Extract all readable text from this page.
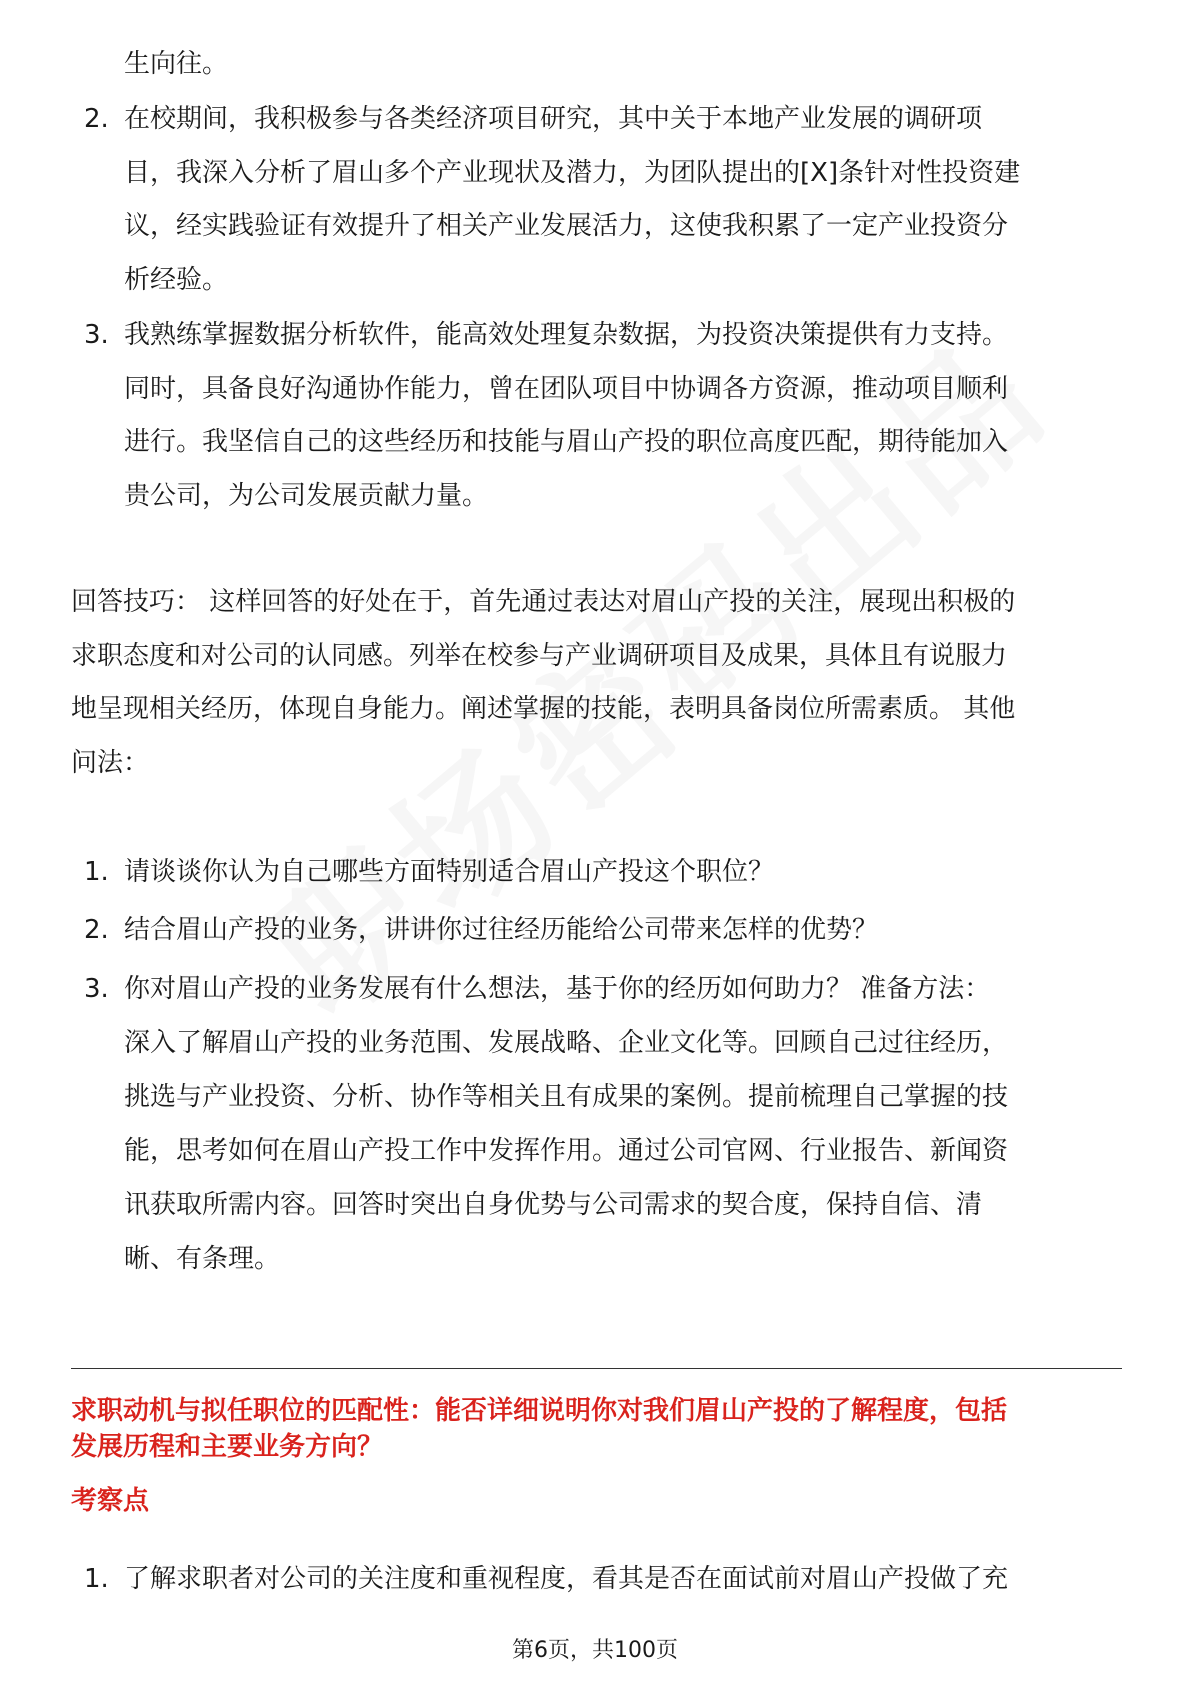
生向往。
2. 在校期间，我积极参与各类经济项目研究，其中关于本地产业发展的调研项
目，我深入分析了眉山多个产业现状及潜力，为团队提出的[X]条针对性投资建
议，经实践验证有效提升了相关产业发展活力，这使我积累了一定产业投资分
析经验。
3. 我熟练掌握数据分析软件，能高效处理复杂数据，为投资决策提供有力支持。
同时，具备良好沟通协作能力，曾在团队项目中协调各方资源，推动项目顺利
进行。我坚信自己的这些经历和技能与眉山产投的职位高度匹配，期待能加入
贵公司，为公司发展贡献力量。
回答技巧： 这样回答的好处在于，首先通过表达对眉山产投的关注，展现出积极的
求职态度和对公司的认同感。列举在校参与产业调研项目及成果，具体且有说服力
地呈现相关经历，体现自身能力。阐述掌握的技能，表明具备岗位所需素质。 其他
问法：
1. 请谈谈你认为自己哪些方面特别适合眉山产投这个职位？
2. 结合眉山产投的业务，讲讲你过往经历能给公司带来怎样的优势？
3. 你对眉山产投的业务发展有什么想法，基于你的经历如何助力？ 准备方法：
深入了解眉山产投的业务范围、发展战略、企业文化等。回顾自己过往经历，
挑选与产业投资、分析、协作等相关且有成果的案例。提前梳理自己掌握的技
能，思考如何在眉山产投工作中发挥作用。通过公司官网、行业报告、新闻资
讯获取所需内容。回答时突出自身优势与公司需求的契合度，保持自信、清
晰、有条理。
求职动机与拟任职位的匹配性：能否详细说明你对我们眉山产投的了解程度，包括
发展历程和主要业务方向？
考察点
1. 了解求职者对公司的关注度和重视程度，看其是否在面试前对眉山产投做了充
第6页，共100页
